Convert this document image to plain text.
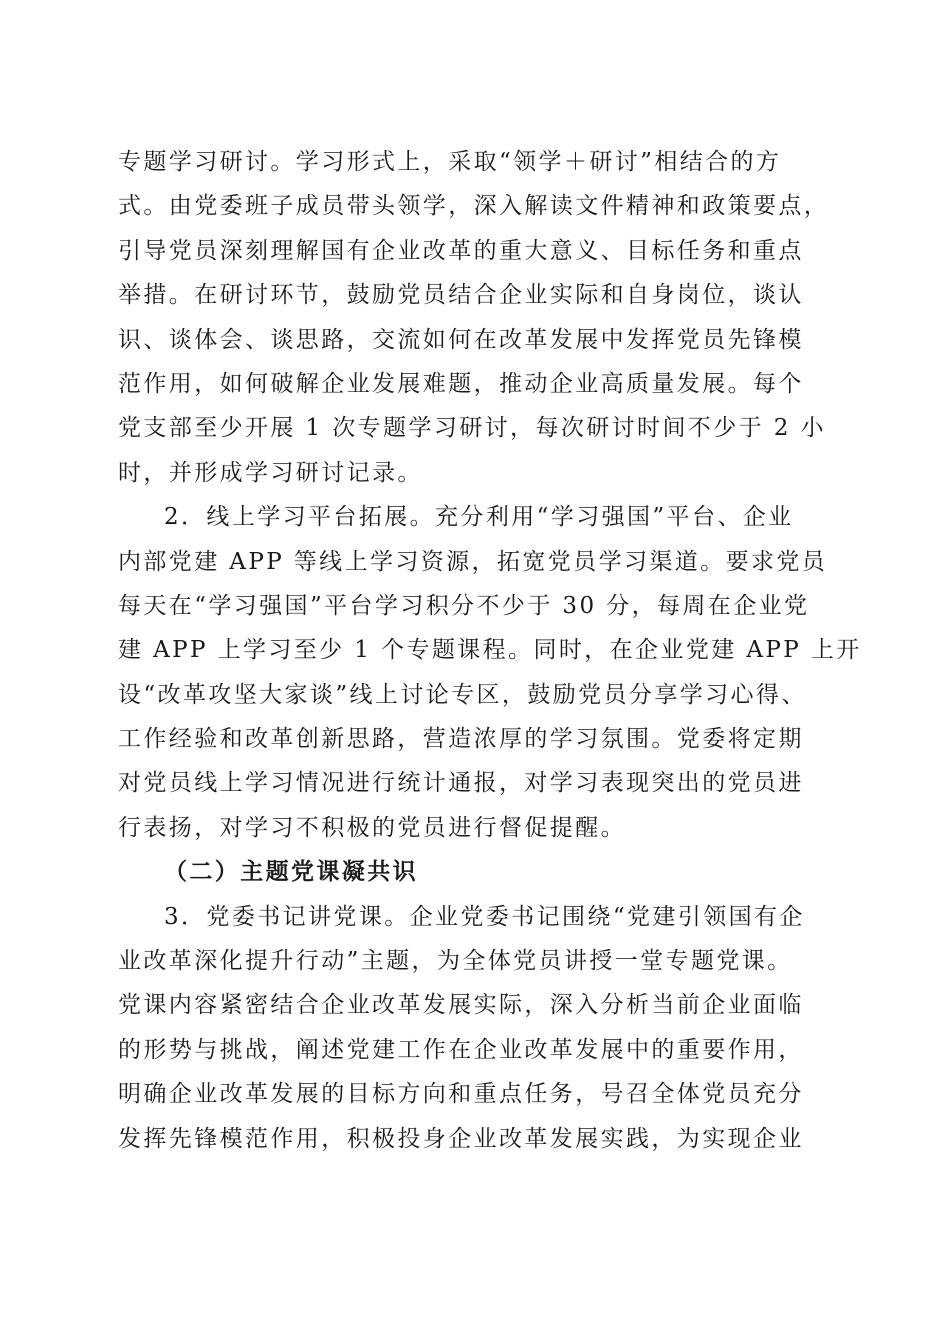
专题学习研讨。学习形式上，采取“领学＋研讨”相结合的方
式。由党委班子成员带头领学，深入解读文件精神和政策要点，
引导党员深刻理解国有企业改革的重大意义、目标任务和重点
举措。在研讨环节，鼓励党员结合企业实际和自身岗位，谈认
识、谈体会、谈思路，交流如何在改革发展中发挥党员先锋模
范作用，如何破解企业发展难题，推动企业高质量发展。每个
党支部至少开展 1 次专题学习研讨，每次研讨时间不少于 2 小
时，并形成学习研讨记录。
2．线上学习平台拓展。充分利用“学习强国”平台、企业
内部党建 APP 等线上学习资源，拓宽党员学习渠道。要求党员
每天在“学习强国”平台学习积分不少于 30 分，每周在企业党
建 APP 上学习至少 1 个专题课程。同时，在企业党建 APP 上开
设“改革攻坚大家谈”线上讨论专区，鼓励党员分享学习心得、
工作经验和改革创新思路，营造浓厚的学习氛围。党委将定期
对党员线上学习情况进行统计通报，对学习表现突出的党员进
行表扬，对学习不积极的党员进行督促提醒。
（二）主题党课凝共识
3．党委书记讲党课。企业党委书记围绕“党建引领国有企
业改革深化提升行动”主题，为全体党员讲授一堂专题党课。
党课内容紧密结合企业改革发展实际，深入分析当前企业面临
的形势与挑战，阐述党建工作在企业改革发展中的重要作用，
明确企业改革发展的目标方向和重点任务，号召全体党员充分
发挥先锋模范作用，积极投身企业改革发展实践，为实现企业
